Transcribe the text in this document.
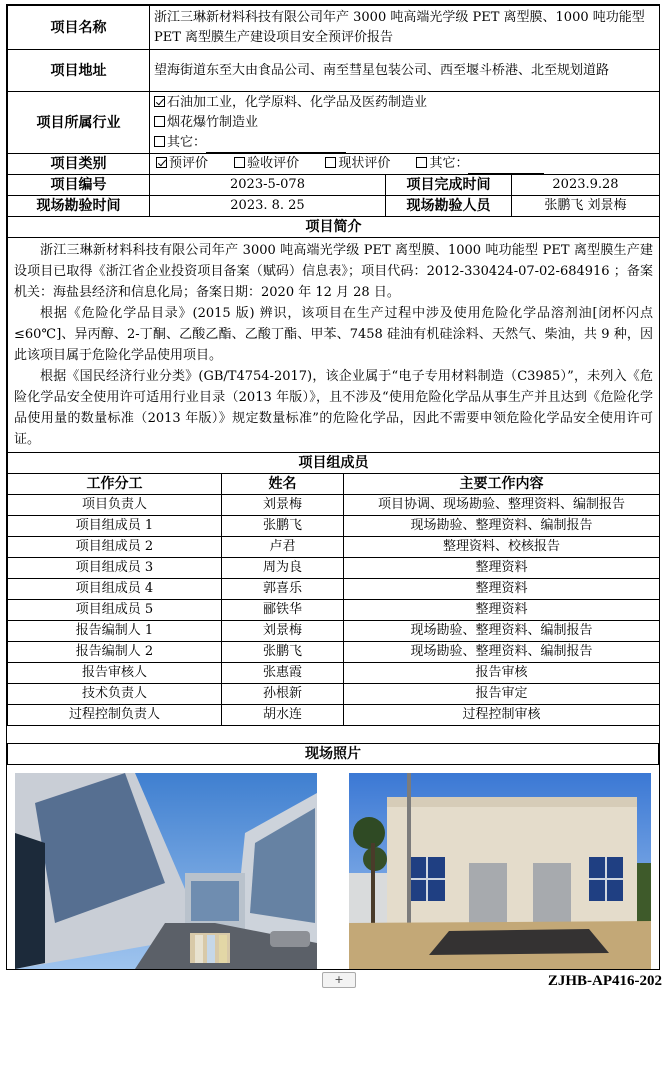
项目名称	浙江三琳新材料科技有限公司年产 3000 吨高端光学级 PET 离型膜、1000 吨功能型 PET 离型膜生产建设项目安全预评价报告		
项目地址	望海街道东至大由食品公司、南至彗星包装公司、西至堰斗桥港、北至规划道路		
项目所属行业	石油加工业，化学原料、化学品及医药制造业
烟花爆竹制造业
其它：		

项目类别	预评价 验收评价 现状评价 其它：		
项目编号	2023-5-078	项目完成时间	2023.9.28
现场勘验时间	2023. 8. 25	现场勘验人员	张鹏飞 刘景梅
项目简介			

浙江三琳新材料科技有限公司年产 3000 吨高端光学级 PET 离型膜、1000 吨功能型 PET 离型膜生产建设项目已取得《浙江省企业投资项目备案（赋码）信息表》；项目代码：2012-330424-07-02-684916 ；备案机关：海盐县经济和信息化局；备案日期：2020 年 12 月 28 日。
根据《危险化学品目录》(2015 版) 辨识，该项目在生产过程中涉及使用危险化学品溶剂油[闭杯闪点≤60℃]、异丙醇、2-丁酮、乙酸乙酯、乙酸丁酯、甲苯、7458 硅油有机硅涂料、天然气、柴油，共 9 种，因此该项目属于危险化学品使用项目。
根据《国民经济行业分类》(GB/T4754-2017)，该企业属于“电子专用材料制造（C3985）”，未列入《危险化学品安全使用许可适用行业目录（2013 年版）》，且不涉及“使用危险化学品从事生产并且达到《危险化学品使用量的数量标准（2013 年版）》规定数量标准”的危险化学品，因此不需要申领危险化学品安全使用许可证。			

项目组成员			
工作分工	姓名	主要工作内容
项目负责人	刘景梅	项目协调、现场勘验、整理资料、编制报告
项目组成员 1	张鹏飞	现场勘验、整理资料、编制报告
项目组成员 2	卢君	整理资料、校核报告
项目组成员 3	周为良	整理资料
项目组成员 4	郭喜乐	整理资料
项目组成员 5	郦铁华	整理资料
报告编制人 1	刘景梅	现场勘验、整理资料、编制报告
报告编制人 2	张鹏飞	现场勘验、整理资料、编制报告
报告审核人	张惠霞	报告审核
技术负责人	孙根新	报告审定
过程控制负责人	胡水连	过程控制审核

现场照片
+	ZJHB-AP416-202
